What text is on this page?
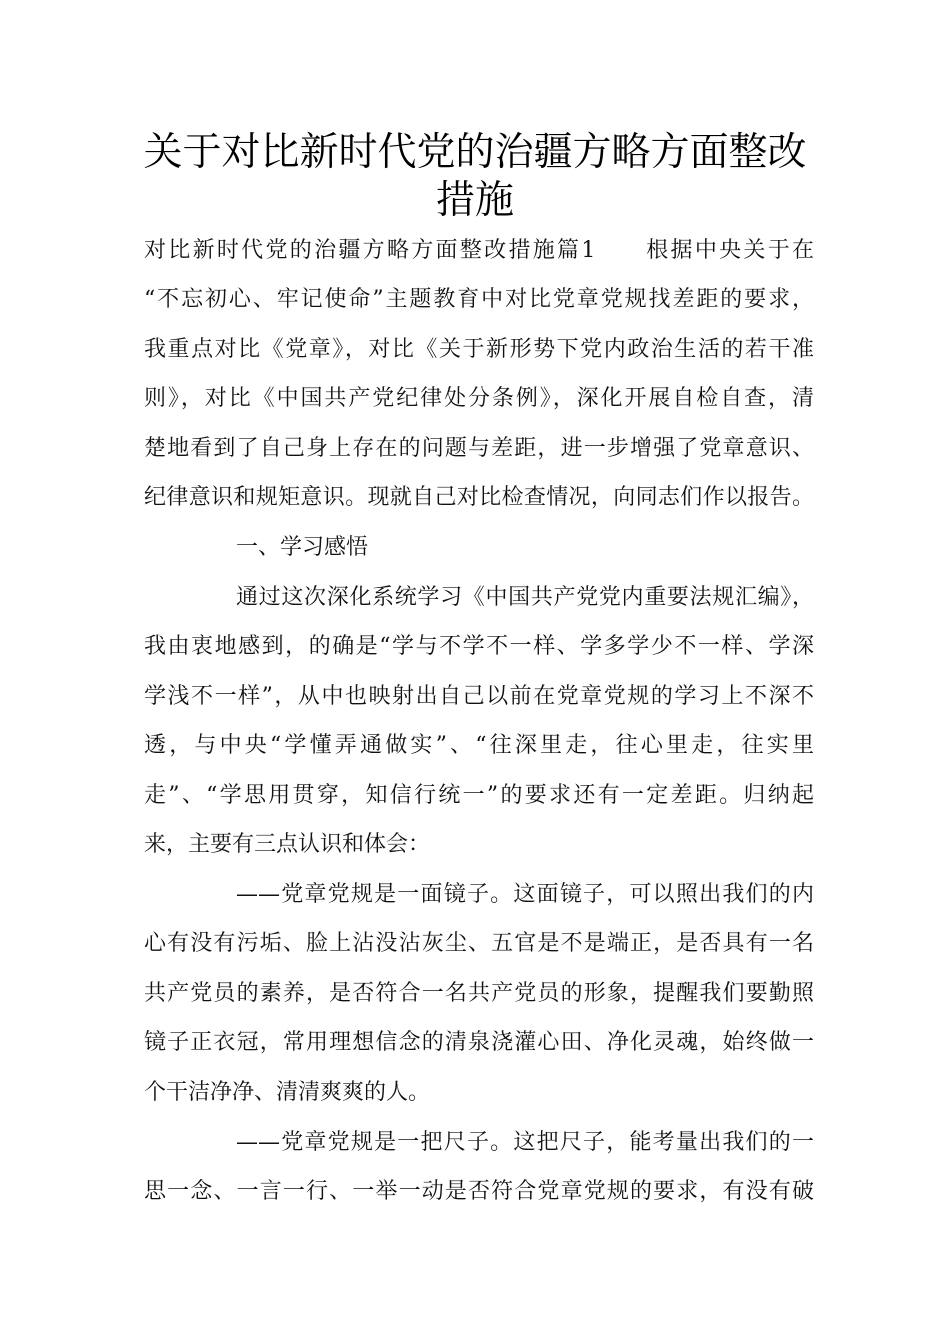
关于对比新时代党的治疆方略方面整改
措施

对比新时代党的治疆方略方面整改措施篇1　　根据中央关于在

“不忘初心、牢记使命”主题教育中对比党章党规找差距的要求，

我重点对比《党章》，对比《关于新形势下党内政治生活的若干准

则》，对比《中国共产党纪律处分条例》，深化开展自检自查，清

楚地看到了自己身上存在的问题与差距，进一步增强了党章意识、

纪律意识和规矩意识。现就自己对比检查情况，向同志们作以报告。

一、学习感悟

通过这次深化系统学习《中国共产党党内重要法规汇编》，

我由衷地感到，的确是“学与不学不一样、学多学少不一样、学深

学浅不一样”，从中也映射出自己以前在党章党规的学习上不深不

透，与中央“学懂弄通做实”、“往深里走，往心里走，往实里

走”、“学思用贯穿，知信行统一”的要求还有一定差距。归纳起

来，主要有三点认识和体会：

——党章党规是一面镜子。这面镜子，可以照出我们的内

心有没有污垢、脸上沾没沾灰尘、五官是不是端正，是否具有一名

共产党员的素养，是否符合一名共产党员的形象，提醒我们要勤照

镜子正衣冠，常用理想信念的清泉浇灌心田、净化灵魂，始终做一

个干洁净净、清清爽爽的人。

——党章党规是一把尺子。这把尺子，能考量出我们的一

思一念、一言一行、一举一动是否符合党章党规的要求，有没有破
